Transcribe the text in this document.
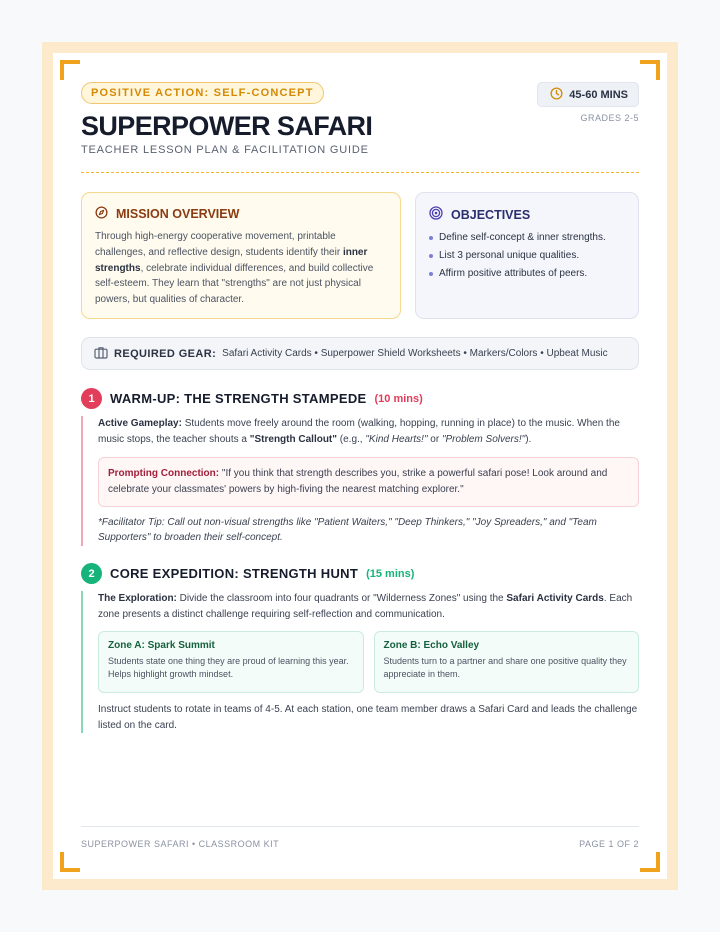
POSITIVE ACTION: SELF-CONCEPT
SUPERPOWER SAFARI
TEACHER LESSON PLAN & FACILITATION GUIDE
45-60 MINS
GRADES 2-5
MISSION OVERVIEW

Through high-energy cooperative movement, printable challenges, and reflective design, students identify their inner strengths, celebrate individual differences, and build collective self-esteem. They learn that "strengths" are not just physical powers, but qualities of character.

OBJECTIVES
Define self-concept & inner strengths.
List 3 personal unique qualities.
Affirm positive attributes of peers.
REQUIRED GEAR: Safari Activity Cards • Superpower Shield Worksheets • Markers/Colors • Upbeat Music
1	WARM-UP: THE STRENGTH STAMPEDE (10 mins)

Active Gameplay: Students move freely around the room (walking, hopping, running in place) to the music. When the music stops, the teacher shouts a "Strength Callout" (e.g., "Kind Hearts!" or "Problem Solvers!").

Prompting Connection: "If you think that strength describes you, strike a powerful safari pose! Look around and celebrate your classmates' powers by high-fiving the nearest matching explorer."

*Facilitator Tip: Call out non-visual strengths like "Patient Waiters," "Deep Thinkers," "Joy Spreaders," and "Team Supporters" to broaden their self-concept.

2	CORE EXPEDITION: STRENGTH HUNT (15 mins)

The Exploration: Divide the classroom into four quadrants or "Wilderness Zones" using the Safari Activity Cards. Each zone presents a distinct challenge requiring self-reflection and communication.

Zone A: Spark Summit
Students state one thing they are proud of learning this year. Helps highlight growth mindset.
Zone B: Echo Valley
Students turn to a partner and share one positive quality they appreciate in them.

Instruct students to rotate in teams of 4-5. At each station, one team member draws a Safari Card and leads the challenge listed on the card.

SUPERPOWER SAFARI • CLASSROOM KIT	PAGE 1 OF 2
